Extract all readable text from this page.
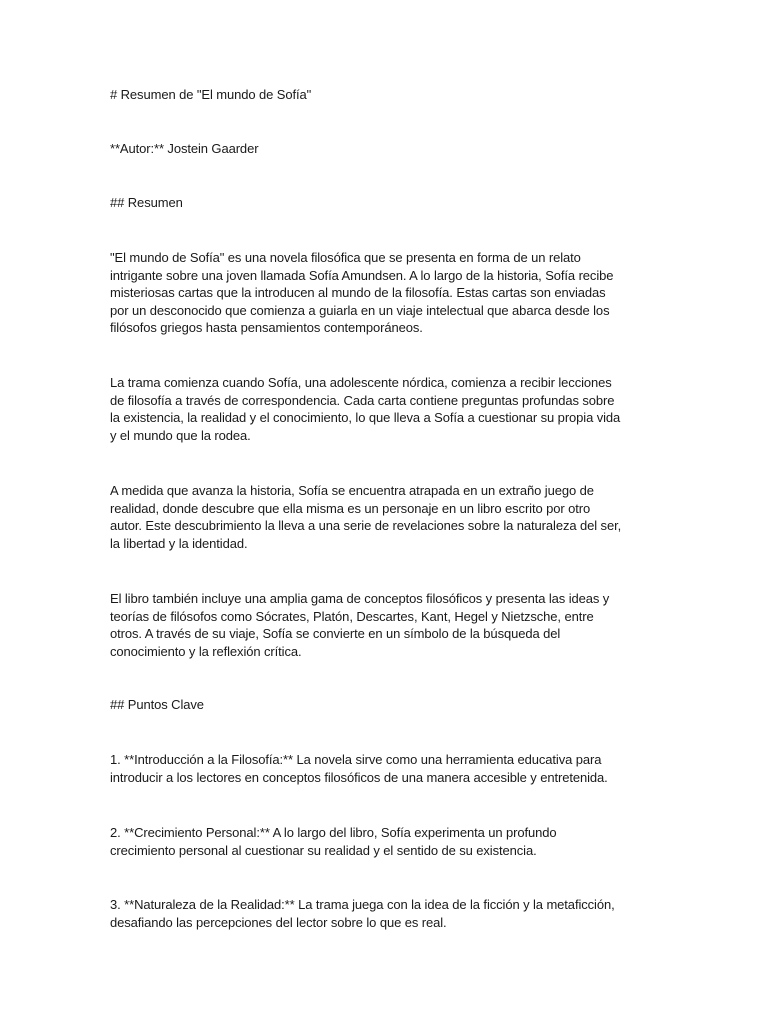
# Resumen de "El mundo de Sofía"

**Autor:** Jostein Gaarder

## Resumen

"El mundo de Sofía" es una novela filosófica que se presenta en forma de un relato
intrigante sobre una joven llamada Sofía Amundsen. A lo largo de la historia, Sofía recibe
misteriosas cartas que la introducen al mundo de la filosofía. Estas cartas son enviadas
por un desconocido que comienza a guiarla en un viaje intelectual que abarca desde los
filósofos griegos hasta pensamientos contemporáneos.

La trama comienza cuando Sofía, una adolescente nórdica, comienza a recibir lecciones
de filosofía a través de correspondencia. Cada carta contiene preguntas profundas sobre
la existencia, la realidad y el conocimiento, lo que lleva a Sofía a cuestionar su propia vida
y el mundo que la rodea.

A medida que avanza la historia, Sofía se encuentra atrapada en un extraño juego de
realidad, donde descubre que ella misma es un personaje en un libro escrito por otro
autor. Este descubrimiento la lleva a una serie de revelaciones sobre la naturaleza del ser,
la libertad y la identidad.

El libro también incluye una amplia gama de conceptos filosóficos y presenta las ideas y
teorías de filósofos como Sócrates, Platón, Descartes, Kant, Hegel y Nietzsche, entre
otros. A través de su viaje, Sofía se convierte en un símbolo de la búsqueda del
conocimiento y la reflexión crítica.

## Puntos Clave

1. **Introducción a la Filosofía:** La novela sirve como una herramienta educativa para
introducir a los lectores en conceptos filosóficos de una manera accesible y entretenida.

2. **Crecimiento Personal:** A lo largo del libro, Sofía experimenta un profundo
crecimiento personal al cuestionar su realidad y el sentido de su existencia.

3. **Naturaleza de la Realidad:** La trama juega con la idea de la ficción y la metaficción,
desafiando las percepciones del lector sobre lo que es real.
